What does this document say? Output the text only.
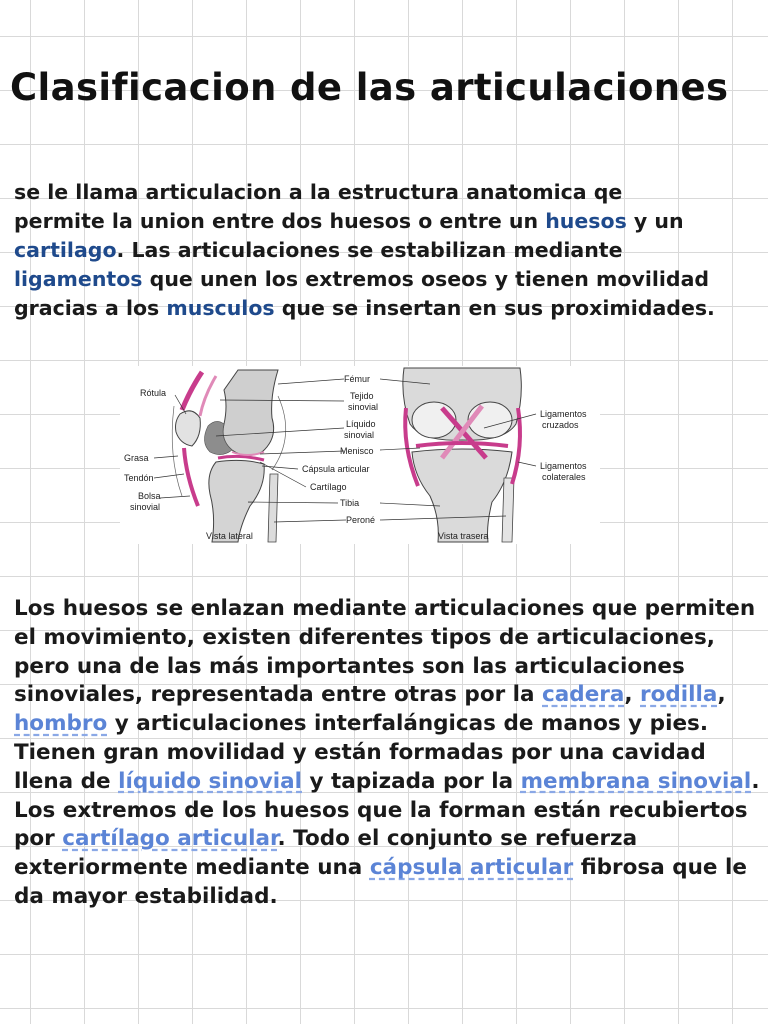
Clasificacion de las articulaciones

se le llama articulacion a la estructura anatomica qe
permite la union entre dos huesos o entre un huesos y un
cartilago. Las articulaciones se estabilizan mediante
ligamentos que unen los extremos oseos y tienen movilidad
gracias a los musculos que se insertan en sus proximidades.

Rótula
Grasa
Tendón
Bolsa
sinovial
Fémur
Tejido
sinovial
Líquido
sinovial
Menisco
Cápsula articular
Cartílago
Tibia
Peroné
Ligamentos
cruzados
Ligamentos
colaterales
Vista lateral	Vista trasera

Los huesos se enlazan mediante articulaciones que permiten
el movimiento, existen diferentes tipos de articulaciones,
pero una de las más importantes son las articulaciones
sinoviales, representada entre otras por la cadera, rodilla,
hombro y articulaciones interfalángicas de manos y pies.
Tienen gran movilidad y están formadas por una cavidad
llena de líquido sinovial y tapizada por la membrana sinovial.
Los extremos de los huesos que la forman están recubiertos
por cartílago articular. Todo el conjunto se refuerza
exteriormente mediante una cápsula articular fibrosa que le
da mayor estabilidad.
